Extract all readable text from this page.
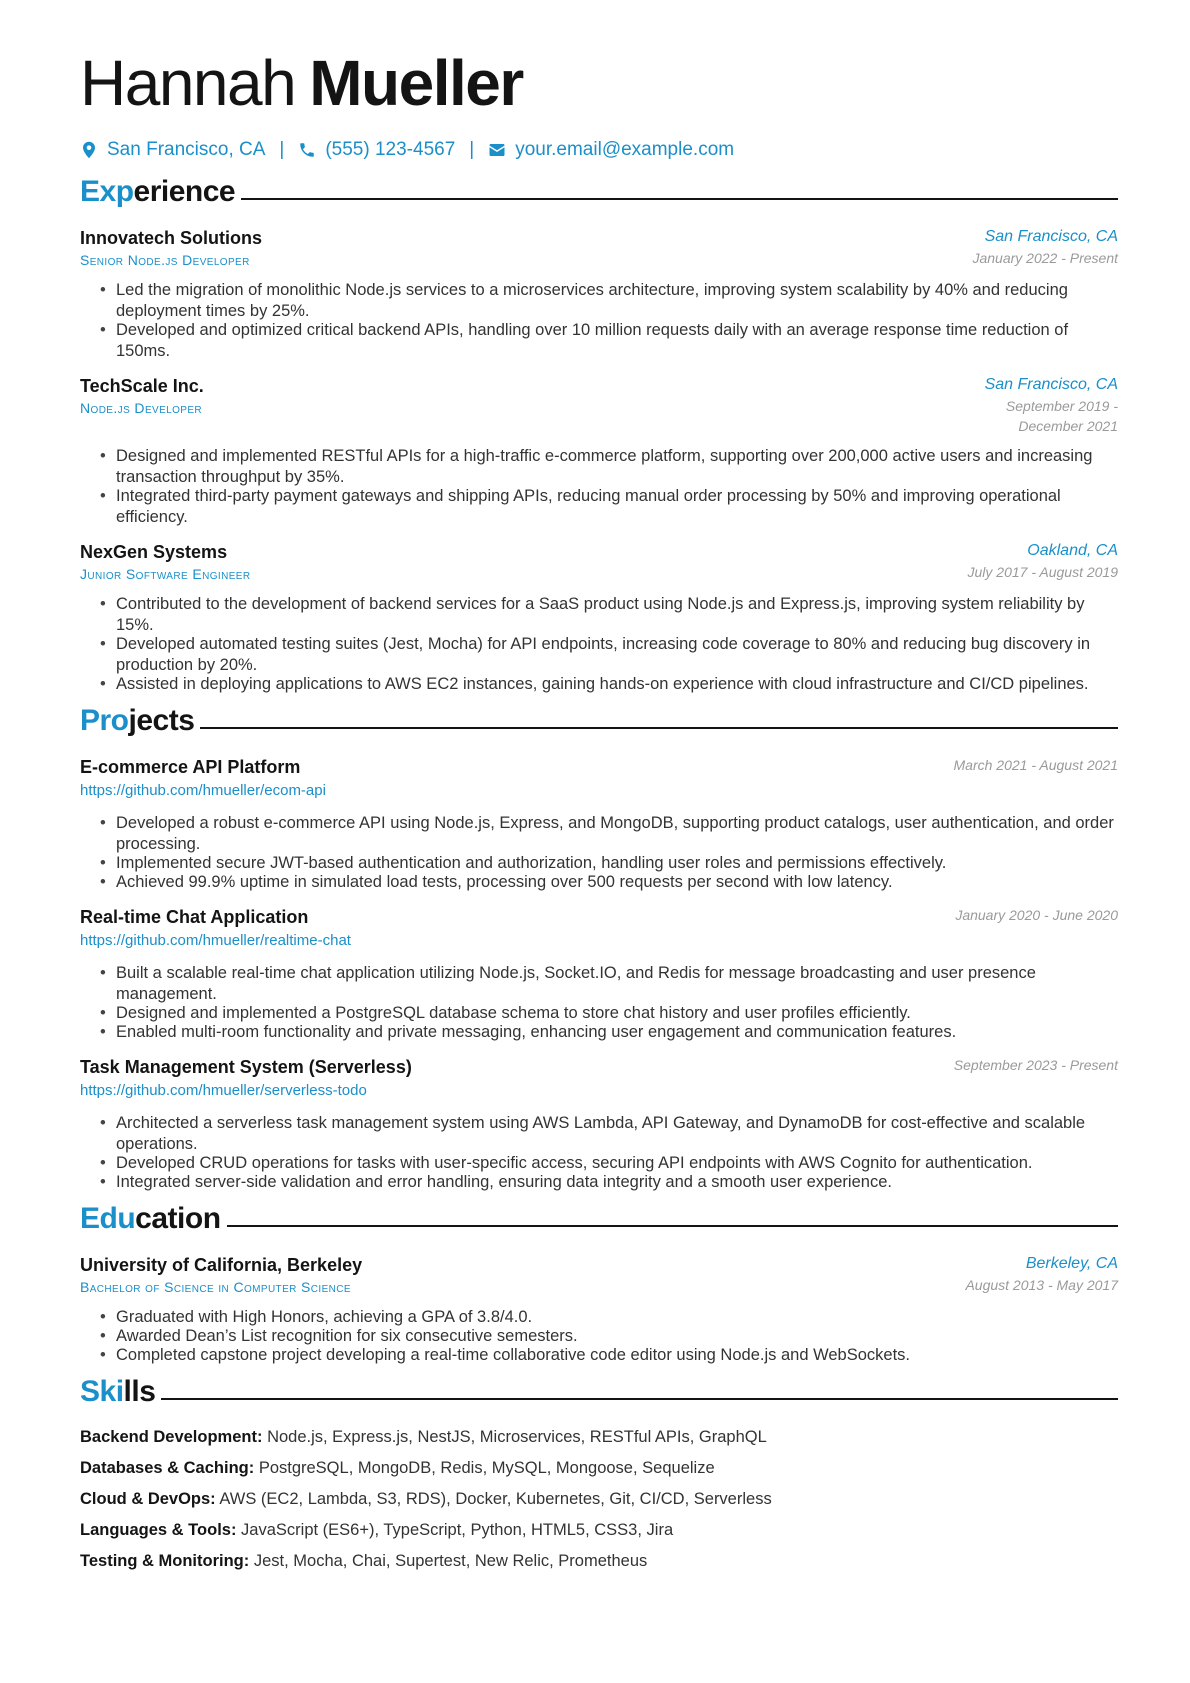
Hannah Mueller
San Francisco, CA | (555) 123-4567 | your.email@example.com
Experience
Innovatech Solutions
Senior Node.js Developer
San Francisco, CA
January 2022 - Present
• Led the migration of monolithic Node.js services to a microservices architecture, improving system scalability by 40% and reducing deployment times by 25%.
• Developed and optimized critical backend APIs, handling over 10 million requests daily with an average response time reduction of 150ms.
TechScale Inc.
Node.js Developer
San Francisco, CA
September 2019 - December 2021
• Designed and implemented RESTful APIs for a high-traffic e-commerce platform, supporting over 200,000 active users and increasing transaction throughput by 35%.
• Integrated third-party payment gateways and shipping APIs, reducing manual order processing by 50% and improving operational efficiency.
NexGen Systems
Junior Software Engineer
Oakland, CA
July 2017 - August 2019
• Contributed to the development of backend services for a SaaS product using Node.js and Express.js, improving system reliability by 15%.
• Developed automated testing suites (Jest, Mocha) for API endpoints, increasing code coverage to 80% and reducing bug discovery in production by 20%.
• Assisted in deploying applications to AWS EC2 instances, gaining hands-on experience with cloud infrastructure and CI/CD pipelines.
Projects
E-commerce API Platform
https://github.com/hmueller/ecom-api
March 2021 - August 2021
• Developed a robust e-commerce API using Node.js, Express, and MongoDB, supporting product catalogs, user authentication, and order processing.
• Implemented secure JWT-based authentication and authorization, handling user roles and permissions effectively.
• Achieved 99.9% uptime in simulated load tests, processing over 500 requests per second with low latency.
Real-time Chat Application
https://github.com/hmueller/realtime-chat
January 2020 - June 2020
• Built a scalable real-time chat application utilizing Node.js, Socket.IO, and Redis for message broadcasting and user presence management.
• Designed and implemented a PostgreSQL database schema to store chat history and user profiles efficiently.
• Enabled multi-room functionality and private messaging, enhancing user engagement and communication features.
Task Management System (Serverless)
https://github.com/hmueller/serverless-todo
September 2023 - Present
• Architected a serverless task management system using AWS Lambda, API Gateway, and DynamoDB for cost-effective and scalable operations.
• Developed CRUD operations for tasks with user-specific access, securing API endpoints with AWS Cognito for authentication.
• Integrated server-side validation and error handling, ensuring data integrity and a smooth user experience.
Education
University of California, Berkeley
Bachelor of Science in Computer Science
Berkeley, CA
August 2013 - May 2017
• Graduated with High Honors, achieving a GPA of 3.8/4.0.
• Awarded Dean’s List recognition for six consecutive semesters.
• Completed capstone project developing a real-time collaborative code editor using Node.js and WebSockets.
Skills
Backend Development: Node.js, Express.js, NestJS, Microservices, RESTful APIs, GraphQL
Databases & Caching: PostgreSQL, MongoDB, Redis, MySQL, Mongoose, Sequelize
Cloud & DevOps: AWS (EC2, Lambda, S3, RDS), Docker, Kubernetes, Git, CI/CD, Serverless
Languages & Tools: JavaScript (ES6+), TypeScript, Python, HTML5, CSS3, Jira
Testing & Monitoring: Jest, Mocha, Chai, Supertest, New Relic, Prometheus
